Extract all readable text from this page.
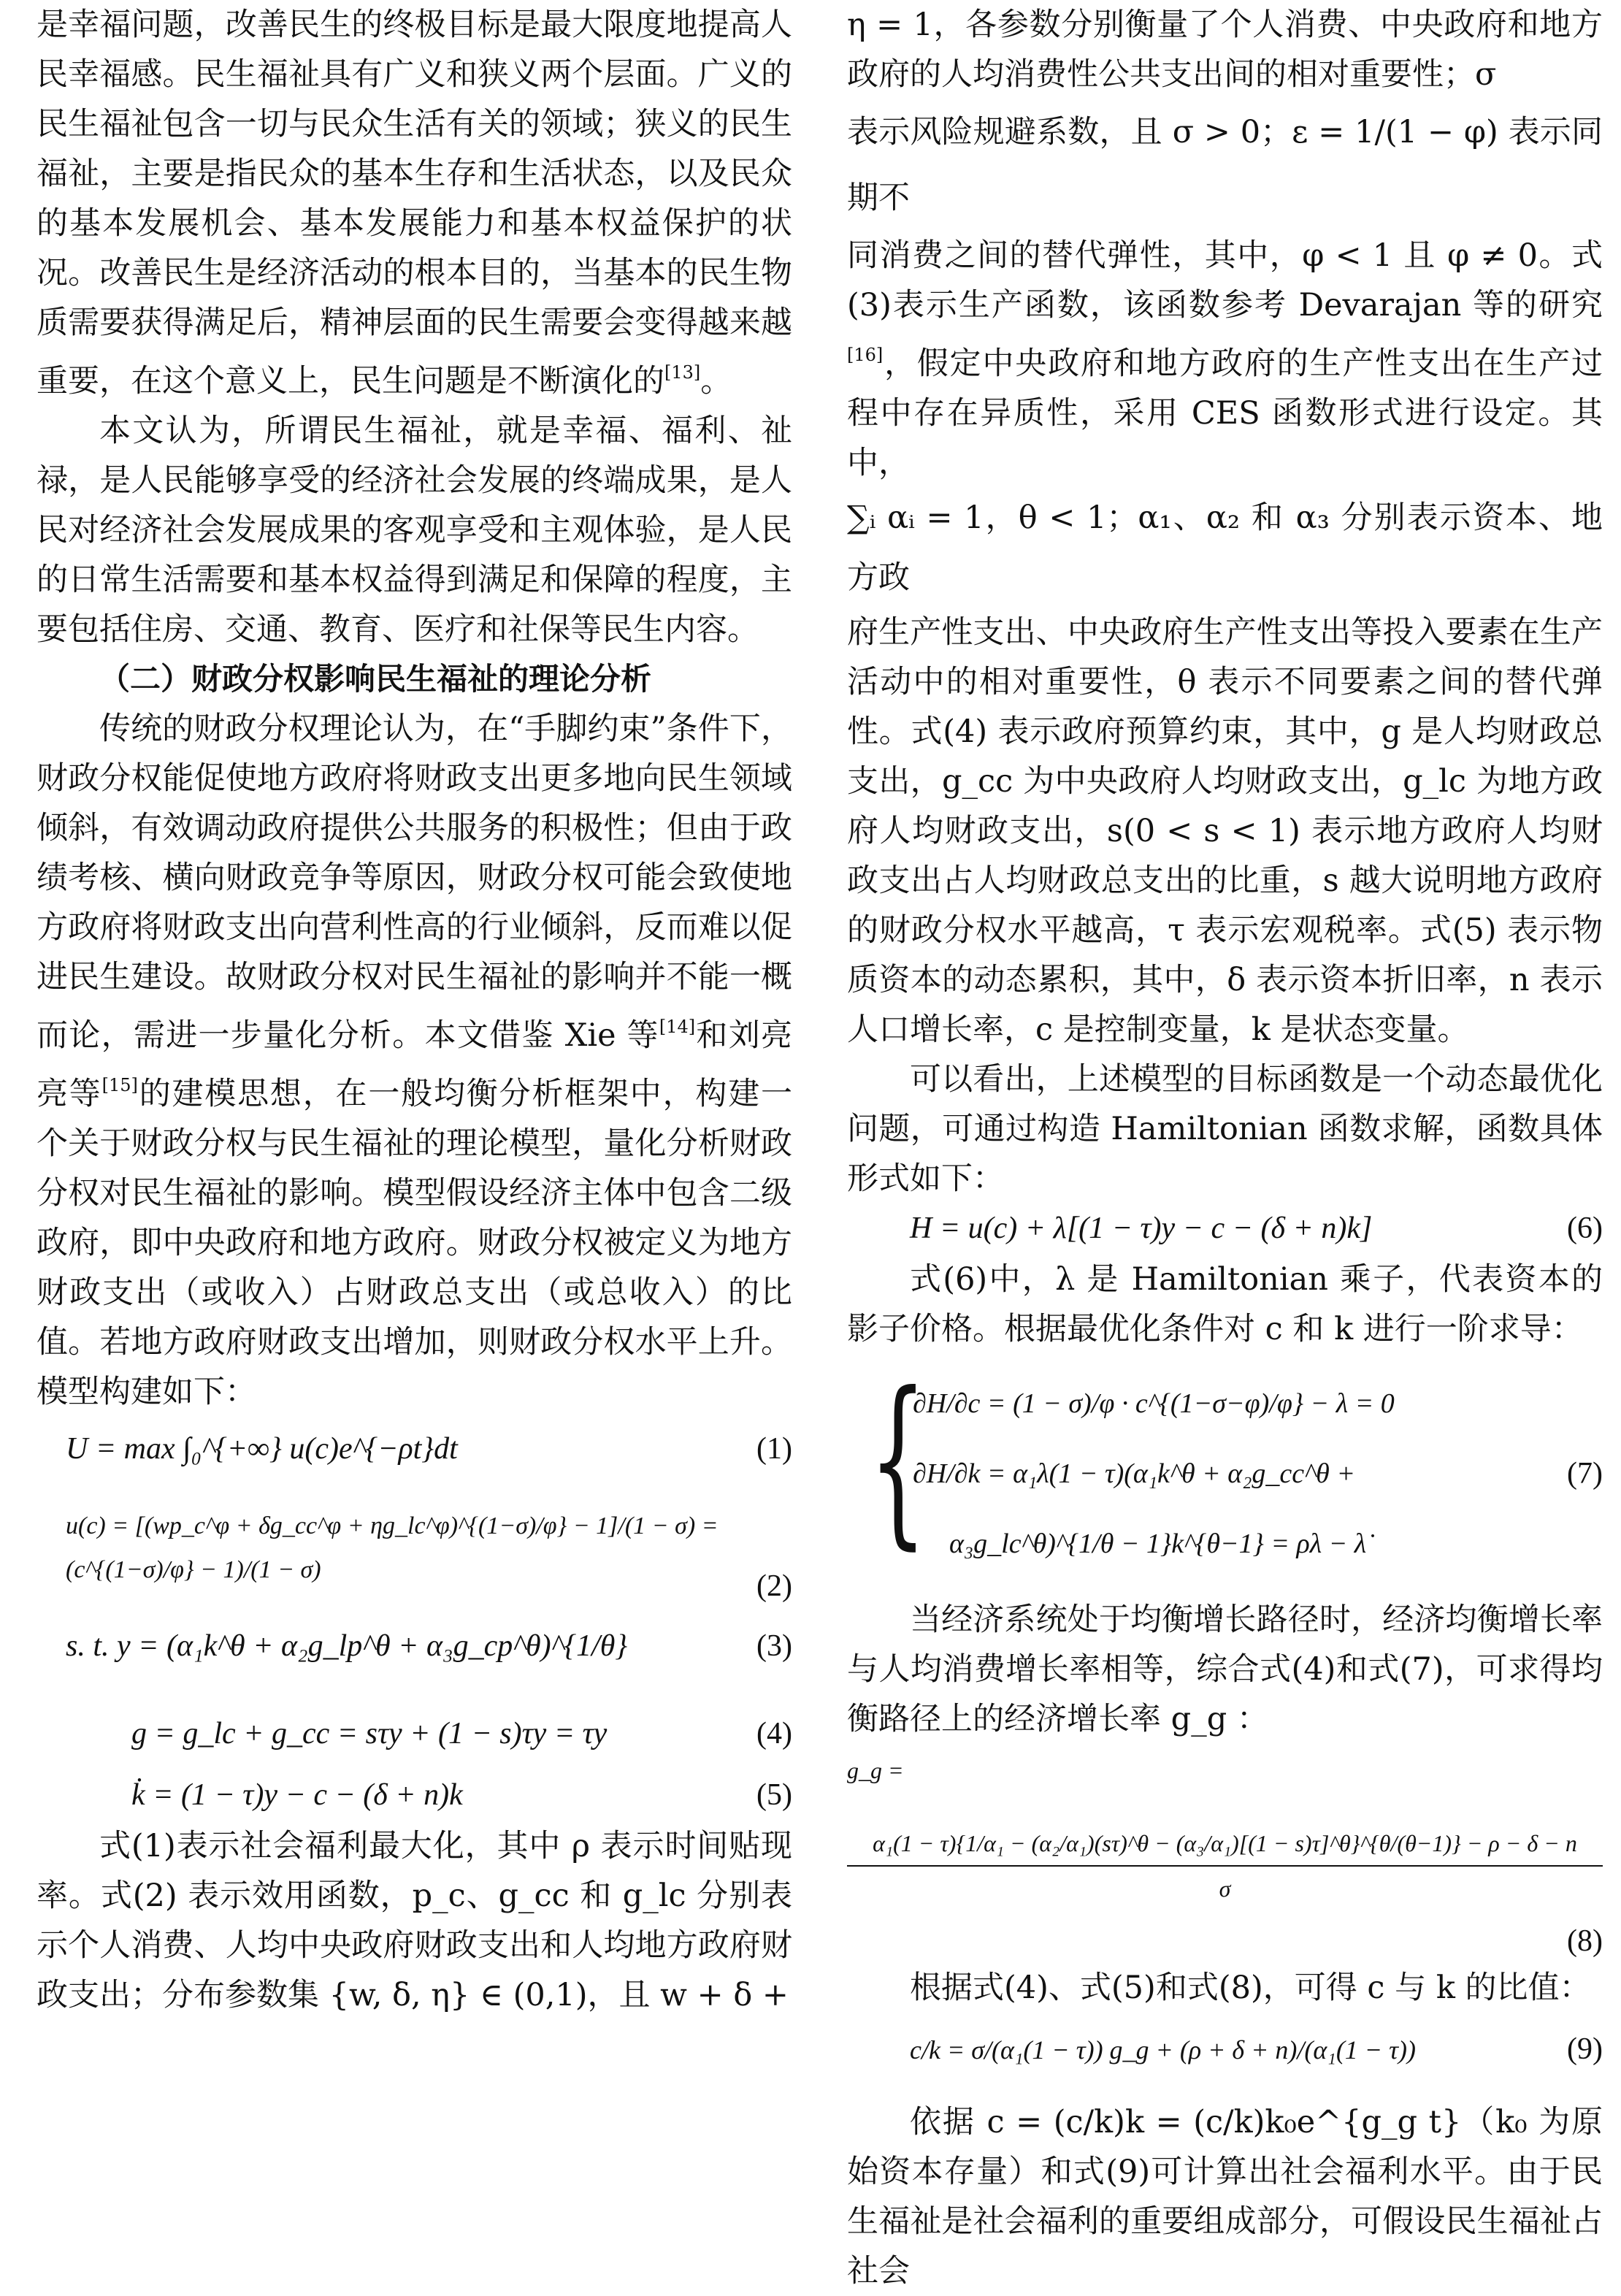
是幸福问题，改善民生的终极目标是最大限度地提高人民幸福感。民生福祉具有广义和狭义两个层面。广义的民生福祉包含一切与民众生活有关的领域；狭义的民生福祉，主要是指民众的基本生存和生活状态，以及民众的基本发展机会、基本发展能力和基本权益保护的状况。改善民生是经济活动的根本目的，当基本的民生物质需要获得满足后，精神层面的民生需要会变得越来越重要，在这个意义上，民生问题是不断演化的[13]。

本文认为，所谓民生福祉，就是幸福、福利、祉禄，是人民能够享受的经济社会发展的终端成果，是人民对经济社会发展成果的客观享受和主观体验，是人民的日常生活需要和基本权益得到满足和保障的程度，主要包括住房、交通、教育、医疗和社保等民生内容。

（二）财政分权影响民生福祉的理论分析

传统的财政分权理论认为，在“手脚约束”条件下，财政分权能促使地方政府将财政支出更多地向民生领域倾斜，有效调动政府提供公共服务的积极性；但由于政绩考核、横向财政竞争等原因，财政分权可能会致使地方政府将财政支出向营利性高的行业倾斜，反而难以促进民生建设。故财政分权对民生福祉的影响并不能一概而论，需进一步量化分析。本文借鉴 Xie 等[14]和刘亮亮等[15]的建模思想，在一般均衡分析框架中，构建一个关于财政分权与民生福祉的理论模型，量化分析财政分权对民生福祉的影响。模型假设经济主体中包含二级政府，即中央政府和地方政府。财政分权被定义为地方财政支出（或收入）占财政总支出（或总收入）的比值。若地方政府财政支出增加，则财政分权水平上升。模型构建如下：

U = max ∫₀^{+∞} u(c)e^{−ρt}dt	(1)
u(c) = [(wp_c^φ + δg_cc^φ + ηg_lc^φ)^{(1−σ)/φ} − 1]/(1 − σ) = (c^{(1−σ)/φ} − 1)/(1 − σ)	(2)
s. t. y = (α₁k^θ + α₂g_lp^θ + α₃g_cp^θ)^{1/θ}	(3)
g = g_lc + g_cc = sτy + (1 − s)τy = τy	(4)
k̇ = (1 − τ)y − c − (δ + n)k	(5)

式(1)表示社会福利最大化，其中 ρ 表示时间贴现率。式(2) 表示效用函数，p_c、g_cc 和 g_lc 分别表示个人消费、人均中央政府财政支出和人均地方政府财政支出；分布参数集 {w, δ, η} ∈ (0,1)，且 w + δ +

η = 1，各参数分别衡量了个人消费、中央政府和地方政府的人均消费性公共支出间的相对重要性；σ

表示风险规避系数，且 σ > 0；ε = 1/(1 − φ) 表示同期不

同消费之间的替代弹性，其中，φ < 1 且 φ ≠ 0。式(3)表示生产函数，该函数参考 Devarajan 等的研究[16]，假定中央政府和地方政府的生产性支出在生产过程中存在异质性，采用 CES 函数形式进行设定。其中，

∑ᵢ αᵢ = 1，θ < 1；α₁、α₂ 和 α₃ 分别表示资本、地方政

府生产性支出、中央政府生产性支出等投入要素在生产活动中的相对重要性，θ 表示不同要素之间的替代弹性。式(4) 表示政府预算约束，其中，g 是人均财政总支出，g_cc 为中央政府人均财政支出，g_lc 为地方政府人均财政支出，s(0 < s < 1) 表示地方政府人均财政支出占人均财政总支出的比重，s 越大说明地方政府的财政分权水平越高，τ 表示宏观税率。式(5) 表示物质资本的动态累积，其中，δ 表示资本折旧率，n 表示人口增长率，c 是控制变量，k 是状态变量。

可以看出，上述模型的目标函数是一个动态最优化问题，可通过构造 Hamiltonian 函数求解，函数具体形式如下：

H = u(c) + λ[(1 − τ)y − c − (δ + n)k]	(6)

式(6)中，λ 是 Hamiltonian 乘子，代表资本的影子价格。根据最优化条件对 c 和 k 进行一阶求导：

{
∂H/∂c = (1 − σ)/φ · c^{(1−σ−φ)/φ} − λ = 0
∂H/∂k = α₁λ(1 − τ)(α₁k^θ + α₂g_cc^θ +
α₃g_lc^θ)^{1/θ − 1}k^{θ−1} = ρλ − λ̇
(7)

当经济系统处于均衡增长路径时，经济均衡增长率与人均消费增长率相等，综合式(4)和式(7)，可求得均衡路径上的经济增长率 g_g ：

g_g =
α₁(1 − τ){1/α₁ − (α₂/α₁)(sτ)^θ − (α₃/α₁)[(1 − s)τ]^θ}^{θ/(θ−1)} − ρ − δ − n
σ
(8)

根据式(4)、式(5)和式(8)，可得 c 与 k 的比值：

c/k = σ/(α₁(1 − τ)) g_g + (ρ + δ + n)/(α₁(1 − τ))	(9)

依据 c = (c/k)k = (c/k)k₀e^{g_g t}（k₀ 为原始资本存量）和式(9)可计算出社会福利水平。由于民生福祉是社会福利的重要组成部分，可假设民生福祉占社会
